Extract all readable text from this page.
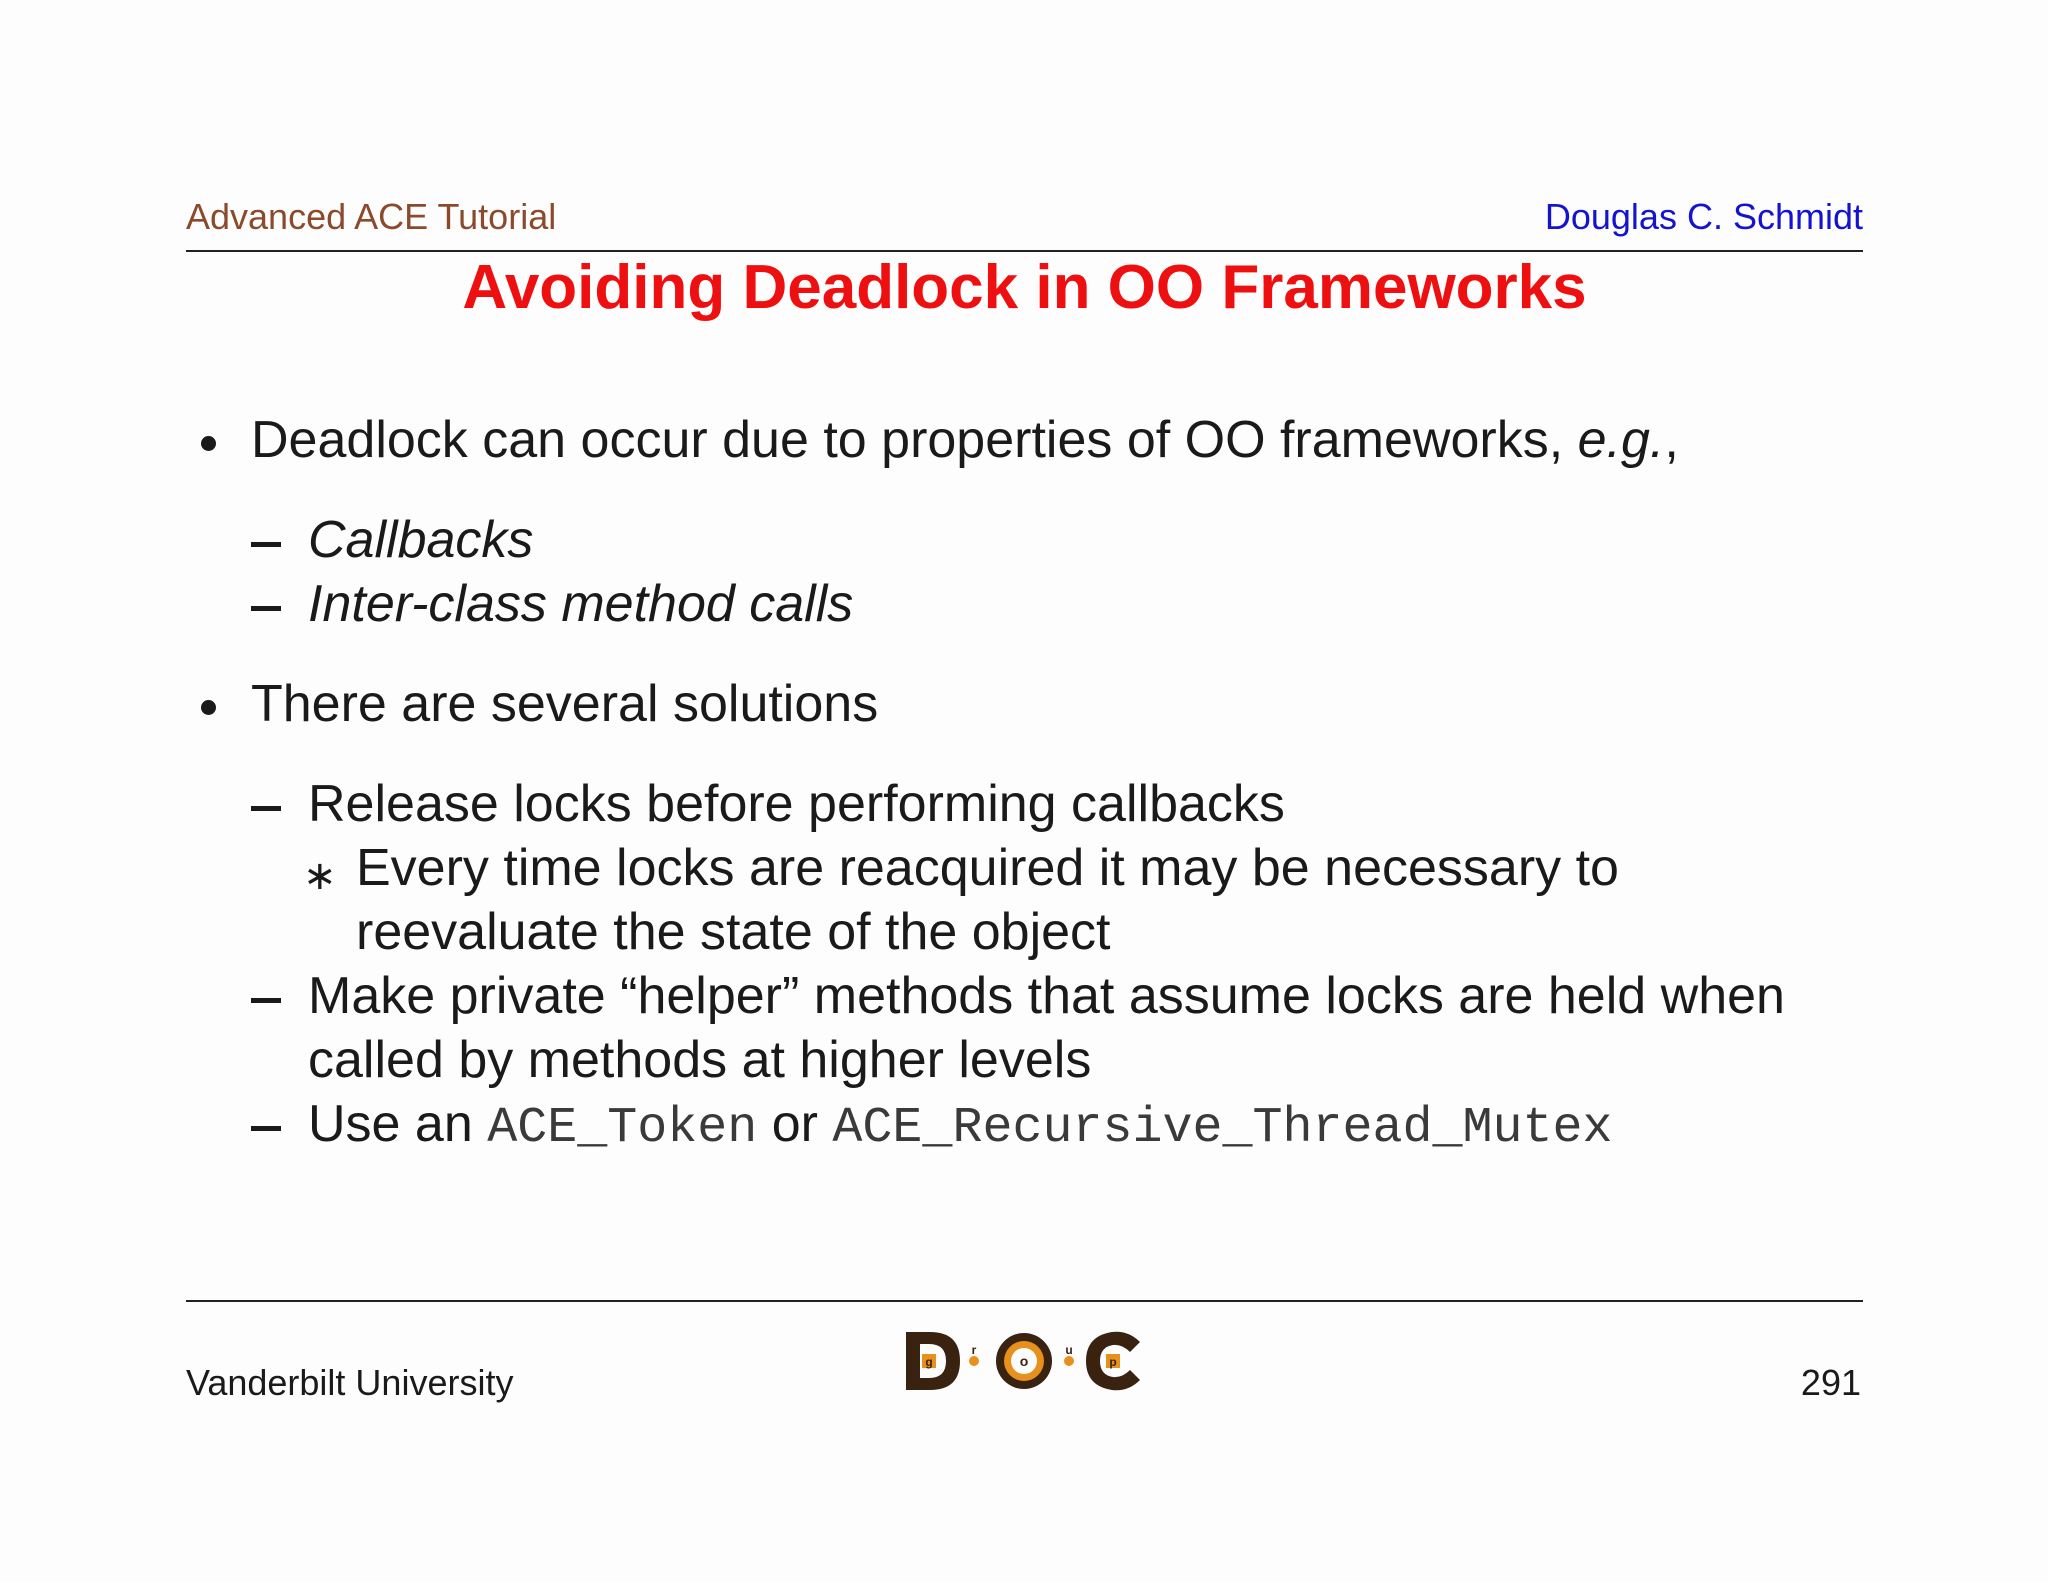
Advanced ACE Tutorial	Douglas C. Schmidt
Avoiding Deadlock in OO Frameworks
Deadlock can occur due to properties of OO frameworks, e.g.,
Callbacks
Inter-class method calls
There are several solutions
Release locks before performing callbacks
∗ Every time locks are reacquired it may be necessary to
reevaluate the state of the object
Make private “helper” methods that assume locks are held when
called by methods at higher levels
Use an ACE_Token or ACE_Recursive_Thread_Mutex
Vanderbilt University	291
g
r
o
u
p
